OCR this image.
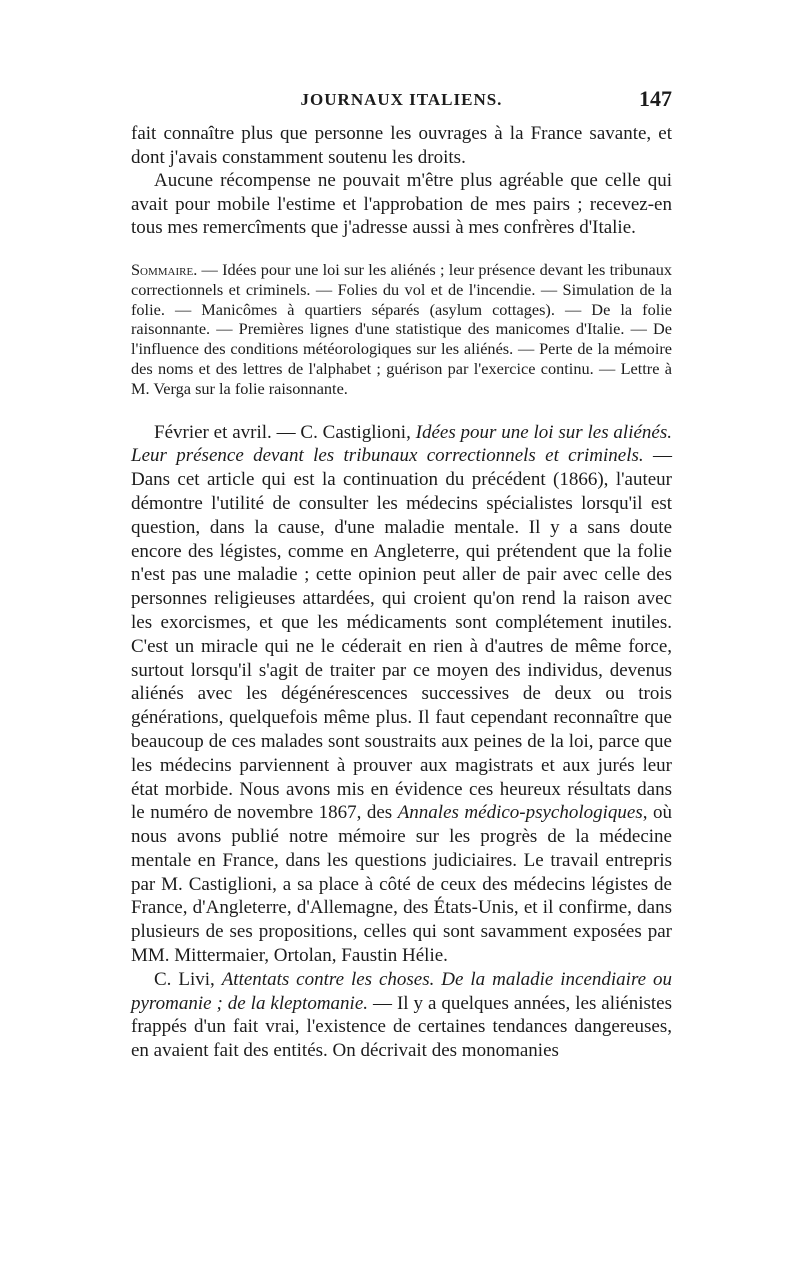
JOURNAUX ITALIENS.	147

fait connaître plus que personne les ouvrages à la France savante, et dont j'avais constamment soutenu les droits.

Aucune récompense ne pouvait m'être plus agréable que celle qui avait pour mobile l'estime et l'approbation de mes pairs ; recevez-en tous mes remercîments que j'adresse aussi à mes confrères d'Italie.

Sommaire. — Idées pour une loi sur les aliénés ; leur présence devant les tribunaux correctionnels et criminels. — Folies du vol et de l'incendie. — Simulation de la folie. — Manicômes à quartiers séparés (asylum cottages). — De la folie raisonnante. — Premières lignes d'une statistique des manicomes d'Italie. — De l'influence des conditions météorologiques sur les aliénés. — Perte de la mémoire des noms et des lettres de l'alphabet ; guérison par l'exercice continu. — Lettre à M. Verga sur la folie raisonnante.

Février et avril. — C. Castiglioni, Idées pour une loi sur les aliénés. Leur présence devant les tribunaux correctionnels et criminels. — Dans cet article qui est la continuation du précédent (1866), l'auteur démontre l'utilité de consulter les médecins spécialistes lorsqu'il est question, dans la cause, d'une maladie mentale. Il y a sans doute encore des légistes, comme en Angleterre, qui prétendent que la folie n'est pas une maladie ; cette opinion peut aller de pair avec celle des personnes religieuses attardées, qui croient qu'on rend la raison avec les exorcismes, et que les médicaments sont complétement inutiles. C'est un miracle qui ne le céderait en rien à d'autres de même force, surtout lorsqu'il s'agit de traiter par ce moyen des individus, devenus aliénés avec les dégénérescences successives de deux ou trois générations, quelquefois même plus. Il faut cependant reconnaître que beaucoup de ces malades sont soustraits aux peines de la loi, parce que les médecins parviennent à prouver aux magistrats et aux jurés leur état morbide. Nous avons mis en évidence ces heureux résultats dans le numéro de novembre 1867, des Annales médico-psychologiques, où nous avons publié notre mémoire sur les progrès de la médecine mentale en France, dans les questions judiciaires. Le travail entrepris par M. Castiglioni, a sa place à côté de ceux des médecins légistes de France, d'Angleterre, d'Allemagne, des États-Unis, et il confirme, dans plusieurs de ses propositions, celles qui sont savamment exposées par MM. Mittermaier, Ortolan, Faustin Hélie.

C. Livi, Attentats contre les choses. De la maladie incendiaire ou pyromanie ; de la kleptomanie. — Il y a quelques années, les aliénistes frappés d'un fait vrai, l'existence de certaines tendances dangereuses, en avaient fait des entités. On décrivait des monomanies
